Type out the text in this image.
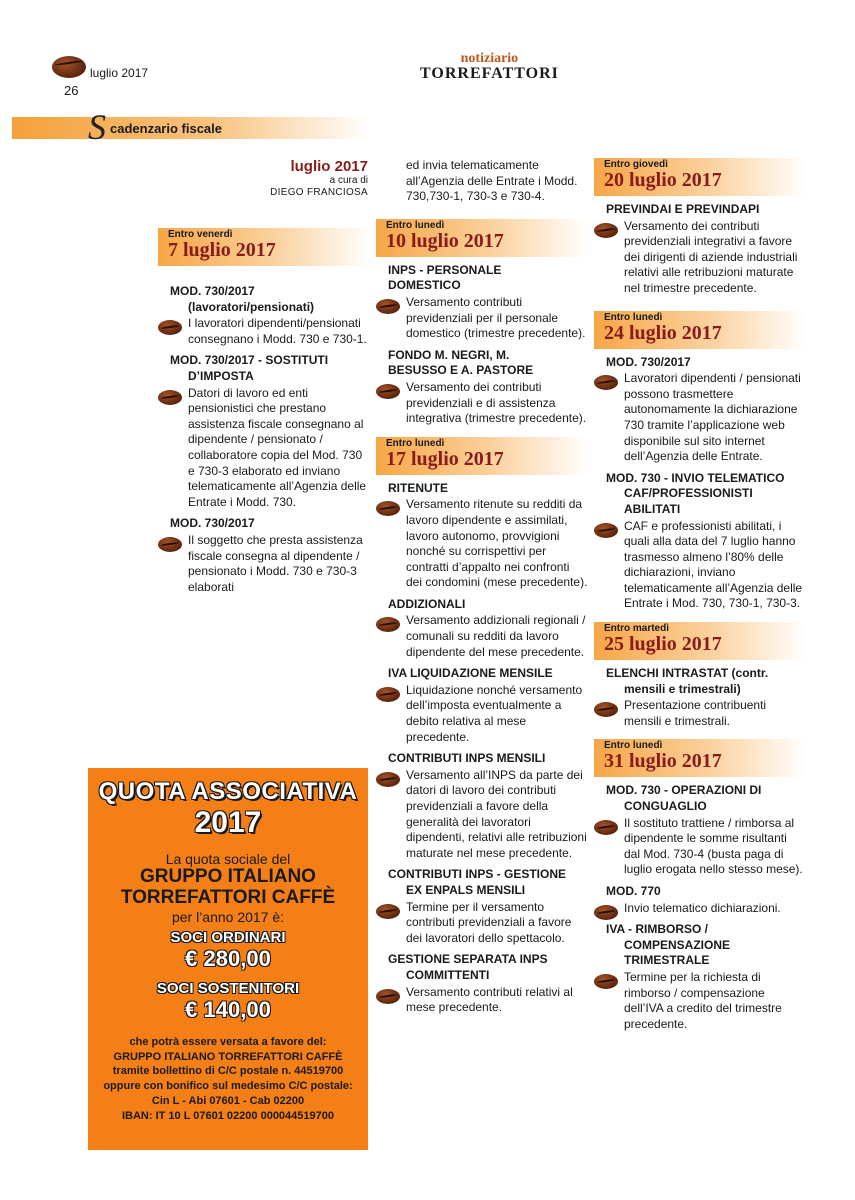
luglio 2017
26
notiziario
TORREFATTORI
S cadenzario fiscale
luglio 2017
a cura di
DIEGO FRANCIOSA
Entro venerdì
7 luglio 2017
MOD. 730/2017
(lavoratori/pensionati)
I lavoratori dipendenti/pensionati consegnano i Modd. 730 e 730-1.
MOD. 730/2017 - SOSTITUTI
D’IMPOSTA
Datori di lavoro ed enti pensionistici che prestano assistenza fiscale consegnano al dipendente / pensionato / collaboratore copia del Mod. 730 e 730-3 elaborato ed inviano telematicamente all’Agenzia delle Entrate i Modd. 730.
MOD. 730/2017
Il soggetto che presta assistenza fiscale consegna al dipendente / pensionato i Modd. 730 e 730-3 elaborati
ed invia telematicamente all’Agenzia delle Entrate i Modd. 730,730-1, 730-3 e 730-4.
Entro lunedì
10 luglio 2017
INPS - PERSONALE
DOMESTICO
Versamento contributi previdenziali per il personale domestico (trimestre precedente).
FONDO M. NEGRI, M.
BESUSSO E A. PASTORE
Versamento dei contributi previdenziali e di assistenza integrativa (trimestre precedente).
Entro lunedì
17 luglio 2017
RITENUTE
Versamento ritenute su redditi da lavoro dipendente e assimilati, lavoro autonomo, provvigioni nonché su corrispettivi per contratti d’appalto nei confronti dei condomini (mese precedente).
ADDIZIONALI
Versamento addizionali regionali / comunali su redditi da lavoro dipendente del mese precedente.
IVA LIQUIDAZIONE MENSILE
Liquidazione nonché versamento dell’imposta eventualmente a debito relativa al mese precedente.
CONTRIBUTI INPS MENSILI
Versamento all’INPS da parte dei datori di lavoro dei contributi previdenziali a favore della generalità dei lavoratori dipendenti, relativi alle retribuzioni maturate nel mese precedente.
CONTRIBUTI INPS - GESTIONE
EX ENPALS MENSILI
Termine per il versamento contributi previdenziali a favore dei lavoratori dello spettacolo.
GESTIONE SEPARATA INPS
COMMITTENTI
Versamento contributi relativi al mese precedente.
Entro giovedì
20 luglio 2017
PREVINDAI E PREVINDAPI
Versamento dei contributi previdenziali integrativi a favore dei dirigenti di aziende industriali relativi alle retribuzioni maturate nel trimestre precedente.
Entro lunedì
24 luglio 2017
MOD. 730/2017
Lavoratori dipendenti / pensionati possono trasmettere autonomamente la dichiarazione 730 tramite l’applicazione web disponibile sul sito internet dell’Agenzia delle Entrate.
MOD. 730 - INVIO TELEMATICO
CAF/PROFESSIONISTI
ABILITATI
CAF e professionisti abilitati, i quali alla data del 7 luglio hanno trasmesso almeno l’80% delle dichiarazioni, inviano telematicamente all’Agenzia delle Entrate i Mod. 730, 730-1, 730-3.
Entro martedì
25 luglio 2017
ELENCHI INTRASTAT (contr.
mensili e trimestrali)
Presentazione contribuenti mensili e trimestrali.
Entro lunedì
31 luglio 2017
MOD. 730 - OPERAZIONI DI
CONGUAGLIO
Il sostituto trattiene / rimborsa al dipendente le somme risultanti dal Mod. 730-4 (busta paga di luglio erogata nello stesso mese).
MOD. 770
Invio telematico dichiarazioni.
IVA - RIMBORSO /
COMPENSAZIONE
TRIMESTRALE
Termine per la richiesta di rimborso / compensazione dell’IVA a credito del trimestre precedente.
QUOTA ASSOCIATIVA
2017
La quota sociale del
GRUPPO ITALIANO
TORREFATTORI CAFFÈ
per l’anno 2017 è:
SOCI ORDINARI
€ 280,00
SOCI SOSTENITORI
€ 140,00
che potrà essere versata a favore del:
GRUPPO ITALIANO TORREFATTORI CAFFÈ
tramite bollettino di C/C postale n. 44519700
oppure con bonifico sul medesimo C/C postale:
Cin L - Abi 07601 - Cab 02200
IBAN: IT 10 L 07601 02200 000044519700
